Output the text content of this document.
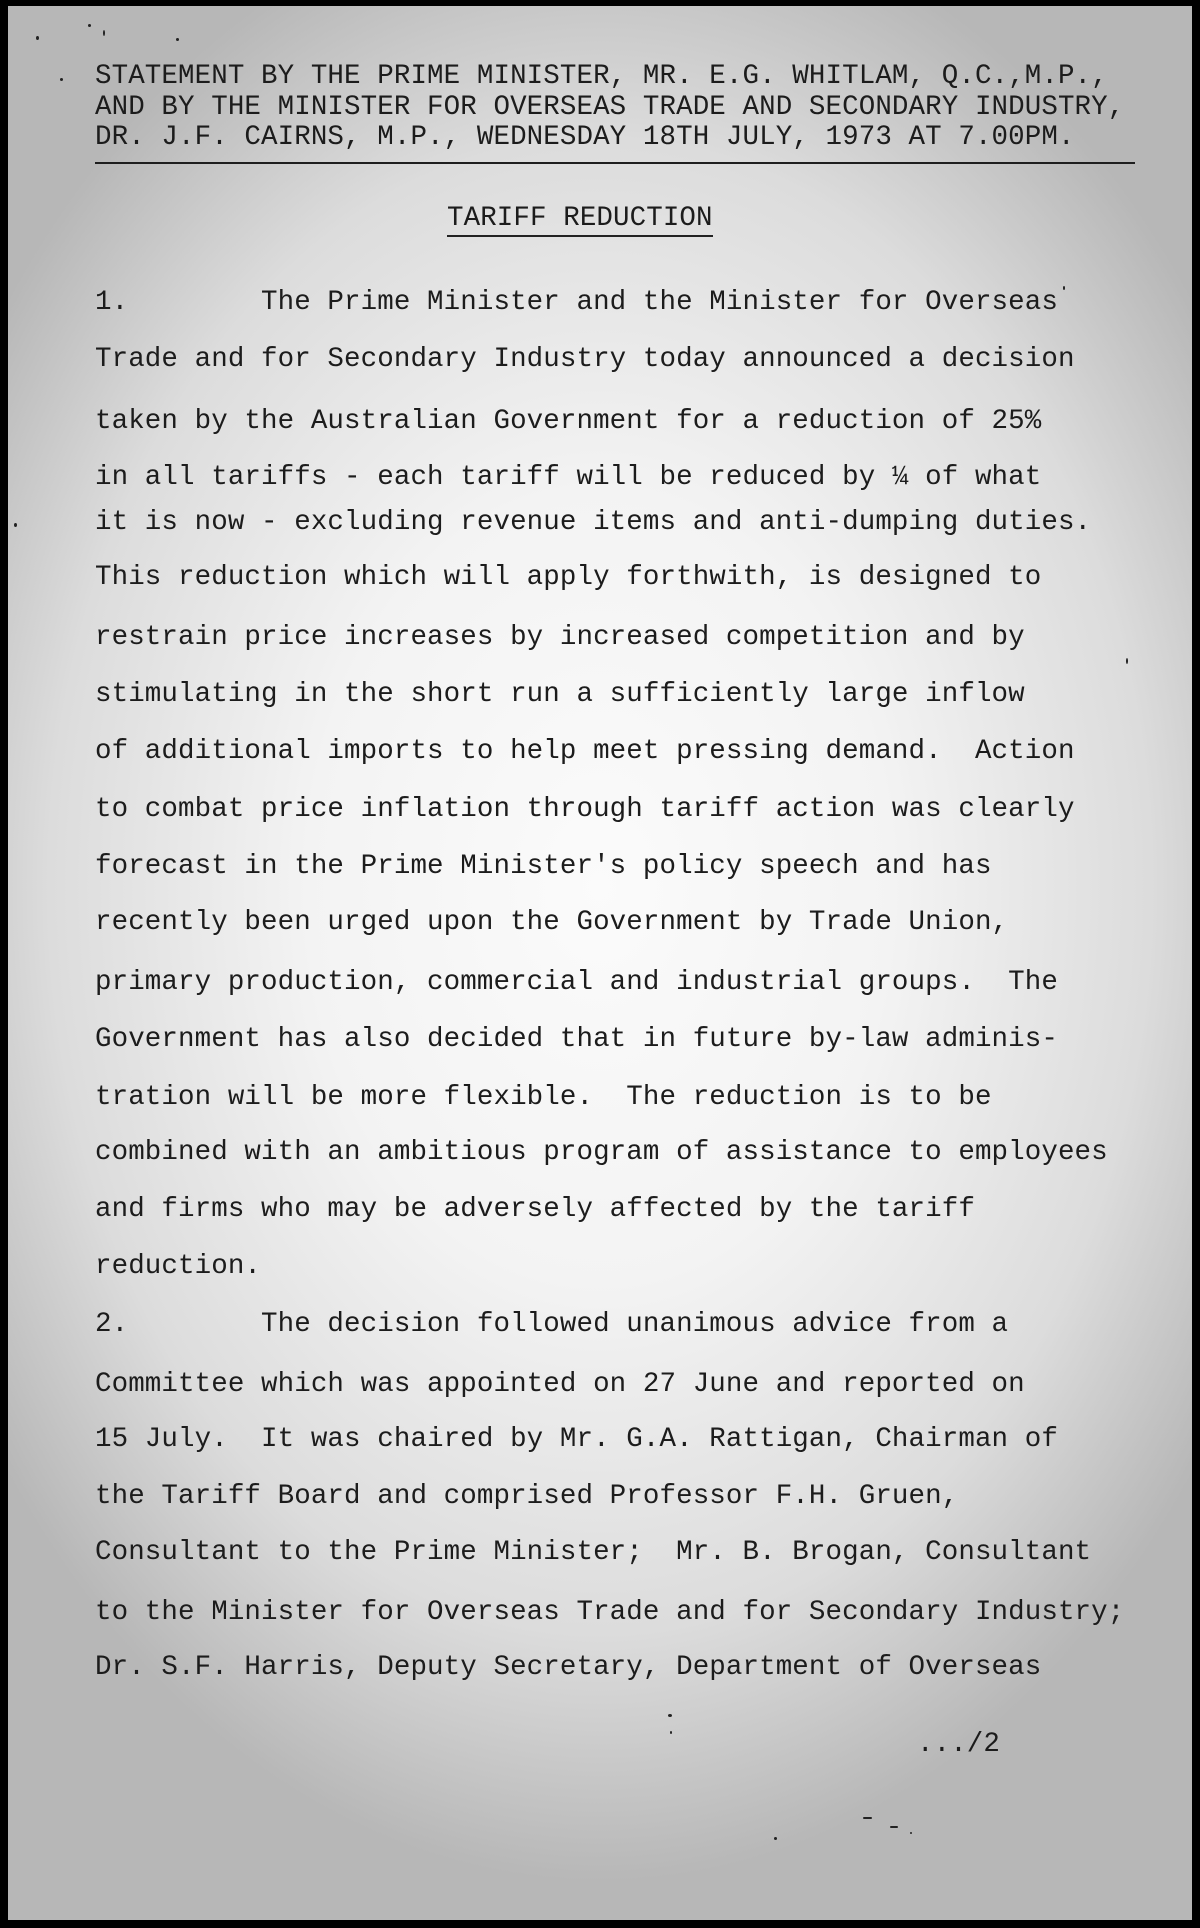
STATEMENT BY THE PRIME MINISTER, MR. E.G. WHITLAM, Q.C.,M.P.,
AND BY THE MINISTER FOR OVERSEAS TRADE AND SECONDARY INDUSTRY,
DR. J.F. CAIRNS, M.P., WEDNESDAY 18TH JULY, 1973 AT 7.00PM.
TARIFF REDUCTION
1.        The Prime Minister and the Minister for Overseas
Trade and for Secondary Industry today announced a decision
taken by the Australian Government for a reduction of 25%
in all tariffs - each tariff will be reduced by ¼ of what
it is now - excluding revenue items and anti-dumping duties.
This reduction which will apply forthwith, is designed to
restrain price increases by increased competition and by
stimulating in the short run a sufficiently large inflow
of additional imports to help meet pressing demand.  Action
to combat price inflation through tariff action was clearly
forecast in the Prime Minister's policy speech and has
recently been urged upon the Government by Trade Union,
primary production, commercial and industrial groups.  The
Government has also decided that in future by-law adminis-
tration will be more flexible.  The reduction is to be
combined with an ambitious program of assistance to employees
and firms who may be adversely affected by the tariff
reduction.
2.        The decision followed unanimous advice from a
Committee which was appointed on 27 June and reported on
15 July.  It was chaired by Mr. G.A. Rattigan, Chairman of
the Tariff Board and comprised Professor F.H. Gruen,
Consultant to the Prime Minister;  Mr. B. Brogan, Consultant
to the Minister for Overseas Trade and for Secondary Industry;
Dr. S.F. Harris, Deputy Secretary, Department of Overseas
.../2
